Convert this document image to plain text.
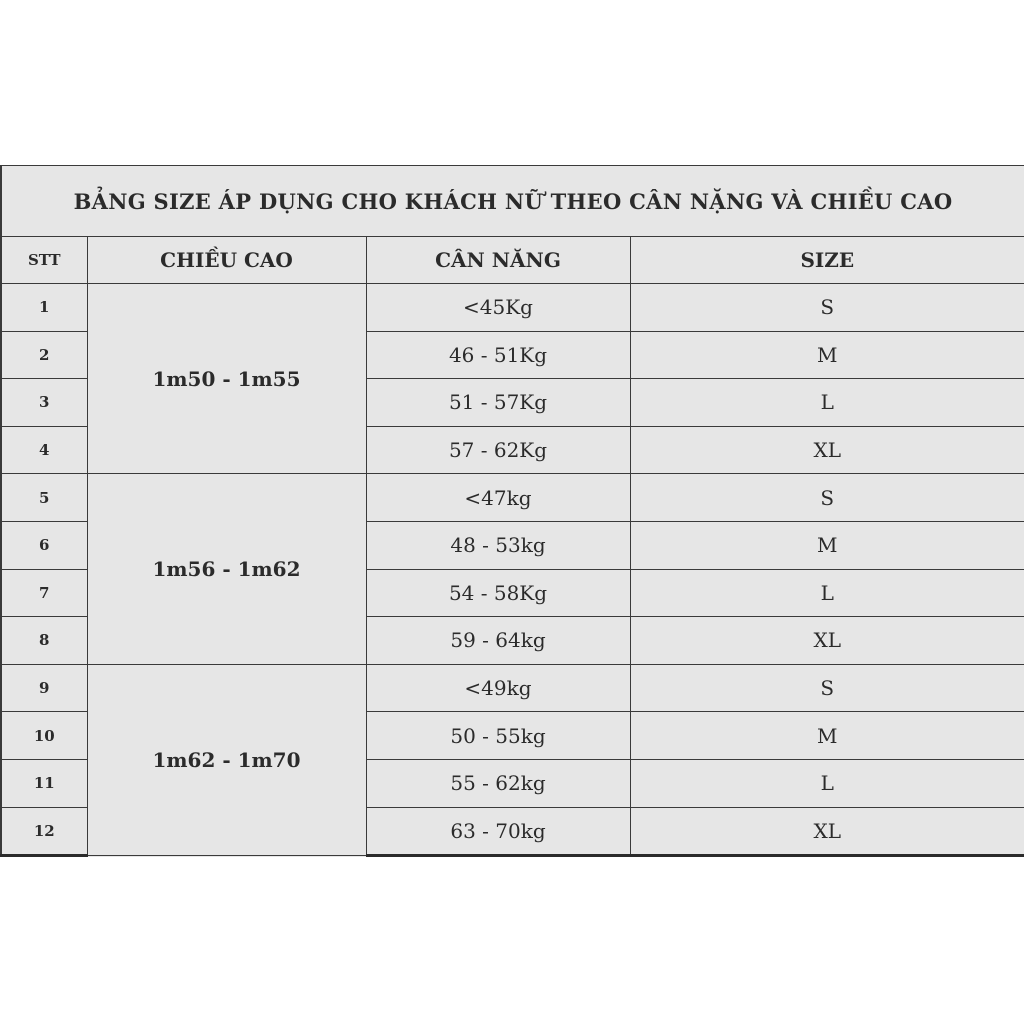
BẢNG SIZE ÁP DỤNG CHO KHÁCH NỮ THEO CÂN NẶNG VÀ CHIỀU CAO			
STT	CHIỀU CAO	CÂN NĂNG	SIZE
1	1m50 - 1m55	<45Kg	S
2		46 - 51Kg	M
3		51 - 57Kg	L
4		57 - 62Kg	XL
5	1m56 - 1m62	<47kg	S
6		48 - 53kg	M
7		54 - 58Kg	L
8		59 - 64kg	XL
9	1m62 - 1m70	<49kg	S
10		50 - 55kg	M
11		55 - 62kg	L
12		63 - 70kg	XL
